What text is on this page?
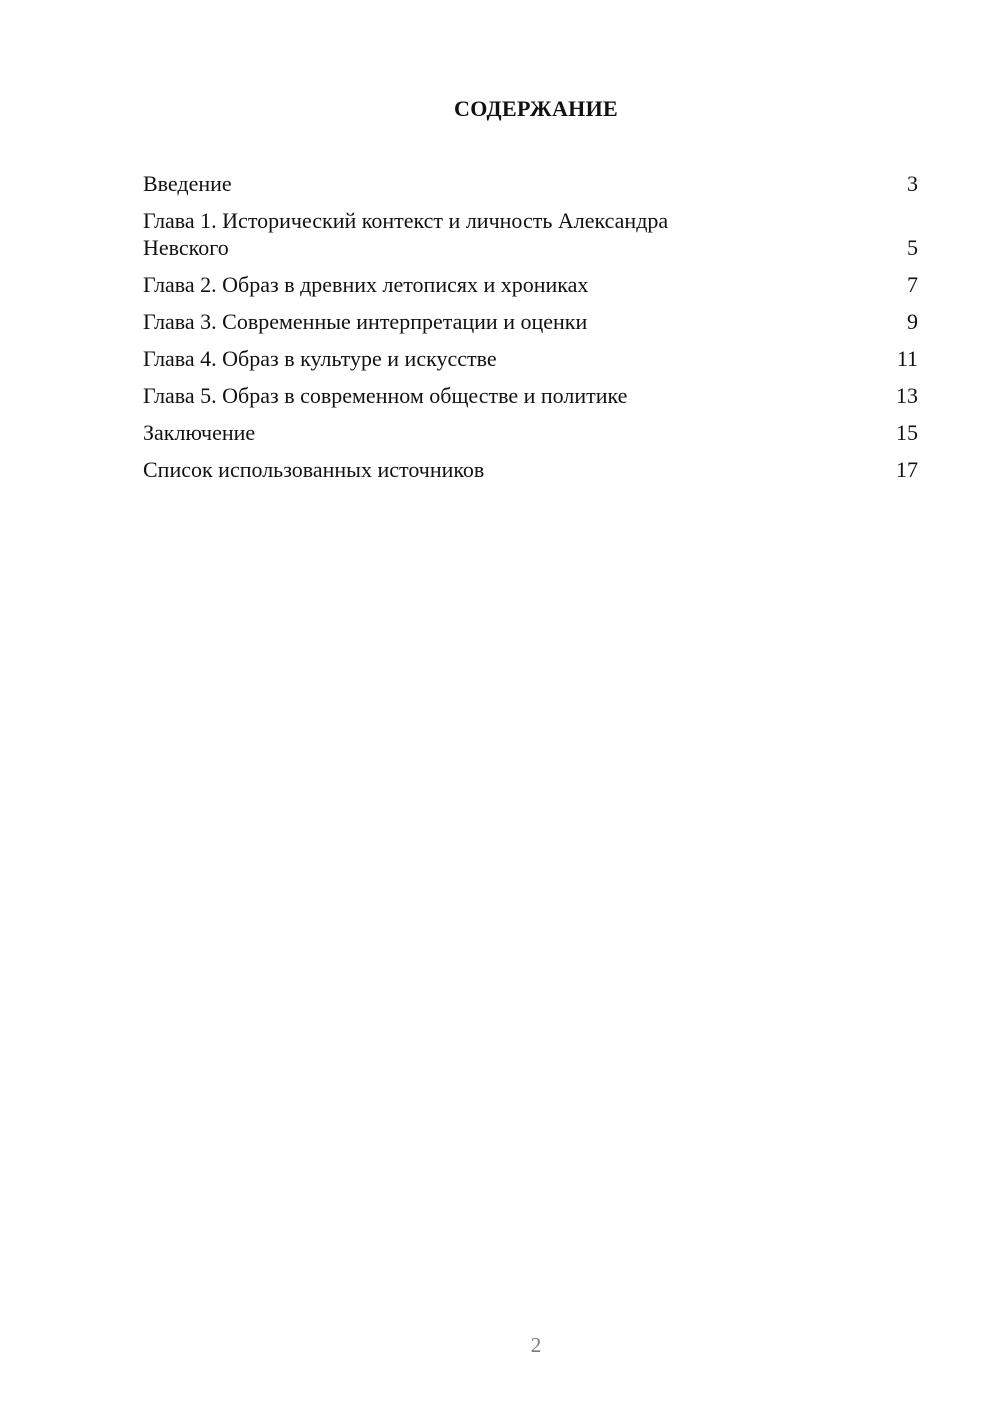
СОДЕРЖАНИЕ
Введение	3
Глава 1. Исторический контекст и личность Александра Невского	5
Глава 2. Образ в древних летописях и хрониках	7
Глава 3. Современные интерпретации и оценки	9
Глава 4. Образ в культуре и искусстве	11
Глава 5. Образ в современном обществе и политике	13
Заключение	15
Список использованных источников	17
2
